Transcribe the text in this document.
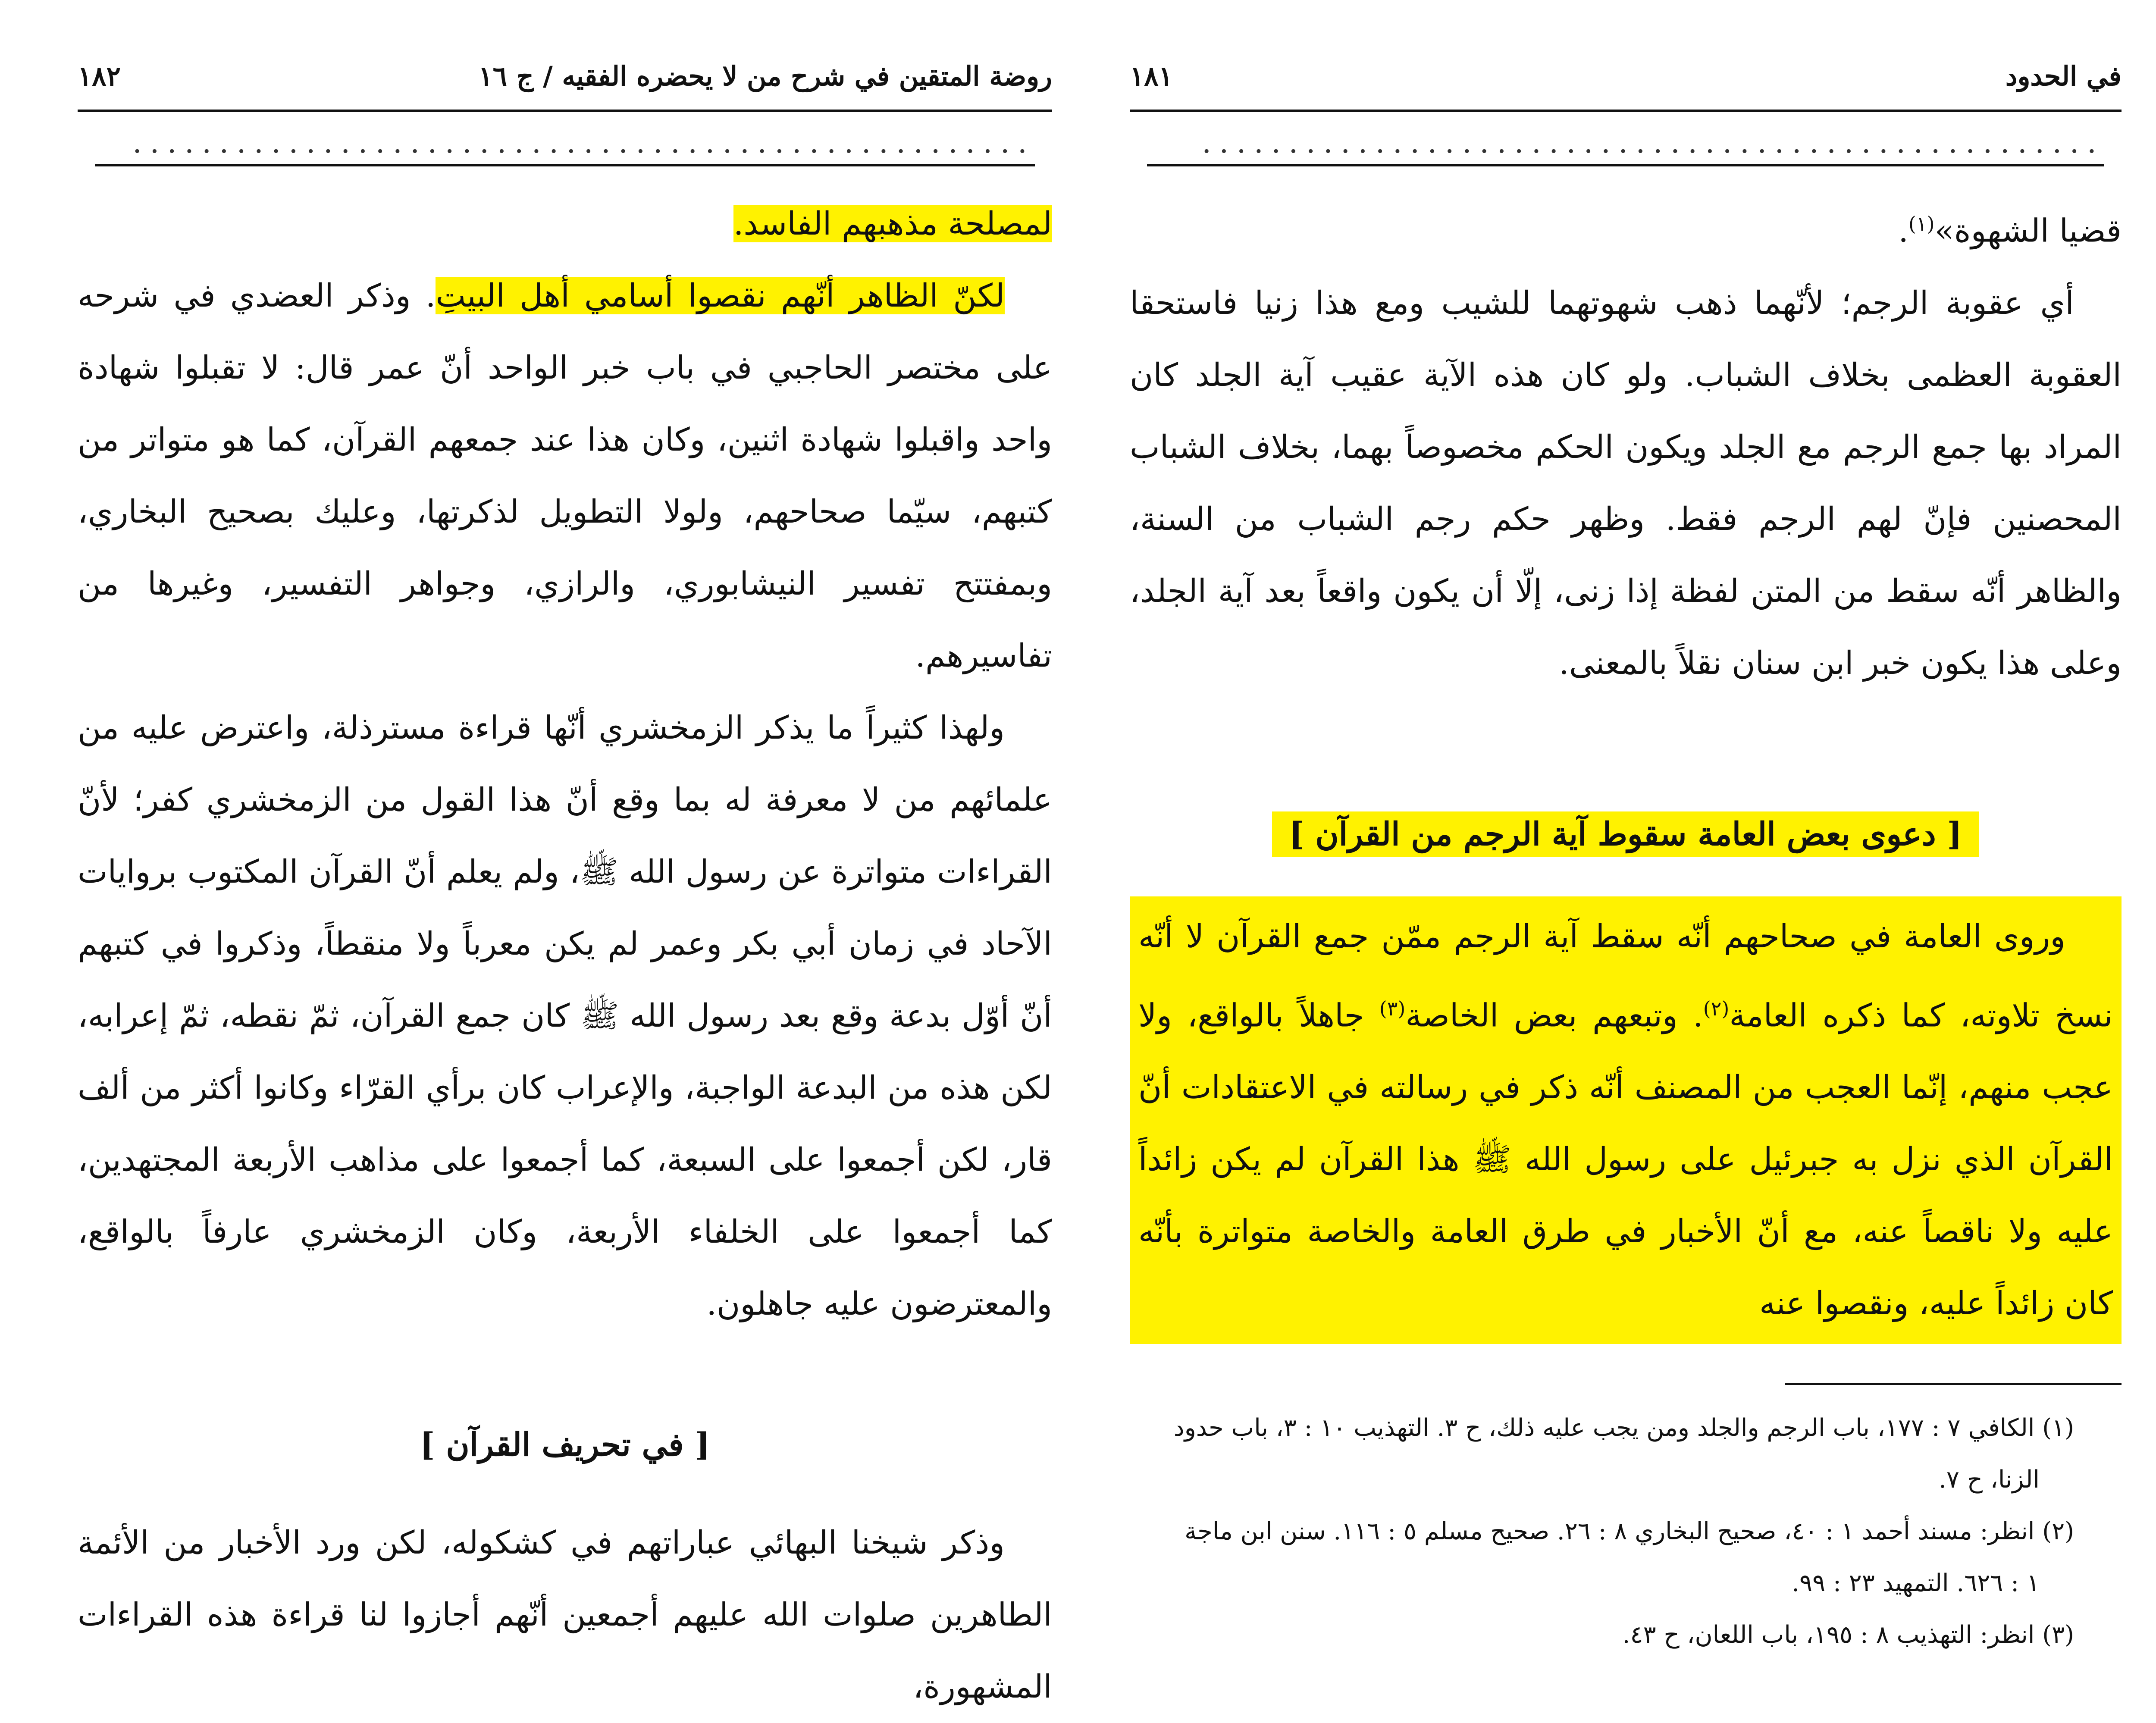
روضة المتقين في شرح من لا يحضره الفقيه / ج ١٦
١٨٢
....................................................

لمصلحة مذهبهم الفاسد.

لكنّ الظاهر أنّهم نقصوا أسامي أهل البيتِ. وذكر العضدي في شرحه على مختصر الحاجبي في باب خبر الواحد أنّ عمر قال: لا تقبلوا شهادة واحد واقبلوا شهادة اثنين، وكان هذا عند جمعهم القرآن، كما هو متواتر من كتبهم، سيّما صحاحهم، ولولا التطويل لذكرتها، وعليك بصحيح البخاري، وبمفتتح تفسير النيشابوري، والرازي، وجواهر التفسير، وغيرها من تفاسيرهم.

ولهذا كثيراً ما يذكر الزمخشري أنّها قراءة مسترذلة، واعترض عليه من علمائهم من لا معرفة له بما وقع أنّ هذا القول من الزمخشري كفر؛ لأنّ القراءات متواترة عن رسول الله ﷺ، ولم يعلم أنّ القرآن المكتوب بروايات الآحاد في زمان أبي بكر وعمر لم يكن معرباً ولا منقطاً، وذكروا في كتبهم أنّ أوّل بدعة وقع بعد رسول الله ﷺ كان جمع القرآن، ثمّ نقطه، ثمّ إعرابه، لكن هذه من البدعة الواجبة، والإعراب كان برأي القرّاء وكانوا أكثر من ألف قار، لكن أجمعوا على السبعة، كما أجمعوا على مذاهب الأربعة المجتهدين، كما أجمعوا على الخلفاء الأربعة، وكان الزمخشري عارفاً بالواقع، والمعترضون عليه جاهلون.

[ في تحريف القرآن ]

وذكر شيخنا البهائي عباراتهم في كشكوله، لكن ورد الأخبار من الأئمة الطاهرين صلوات الله عليهم أجمعين أنّهم أجازوا لنا قراءة هذه القراءات المشهورة،

في الحدود
١٨١
....................................................

قضيا الشهوة»$^{(١)}$.

أي عقوبة الرجم؛ لأنّهما ذهب شهوتهما للشيب ومع هذا زنيا فاستحقا العقوبة العظمى بخلاف الشباب. ولو كان هذه الآية عقيب آية الجلد كان المراد بها جمع الرجم مع الجلد ويكون الحكم مخصوصاً بهما، بخلاف الشباب المحصنين فإنّ لهم الرجم فقط. وظهر حكم رجم الشباب من السنة، والظاهر أنّه سقط من المتن لفظة إذا زنى، إلّا أن يكون واقعاً بعد آية الجلد، وعلى هذا يكون خبر ابن سنان نقلاً بالمعنى.

[ دعوى بعض العامة سقوط آية الرجم من القرآن ]

وروى العامة في صحاحهم أنّه سقط آية الرجم ممّن جمع القرآن لا أنّه نسخ تلاوته، كما ذكره العامة$^{(٢)}$. وتبعهم بعض الخاصة$^{(٣)}$ جاهلاً بالواقع، ولا عجب منهم، إنّما العجب من المصنف أنّه ذكر في رسالته في الاعتقادات أنّ القرآن الذي نزل به جبرئيل على رسول الله ﷺ هذا القرآن لم يكن زائداً عليه ولا ناقصاً عنه، مع أنّ الأخبار في طرق العامة والخاصة متواترة بأنّه كان زائداً عليه، ونقصوا عنه

(١) الكافي ٧ : ١٧٧، باب الرجم والجلد ومن يجب عليه ذلك، ح ٣. التهذيب ١٠ : ٣، باب حدود

الزنا، ح ٧.

(٢) انظر: مسند أحمد ١ : ٤٠، صحيح البخاري ٨ : ٢٦. صحيح مسلم ٥ : ١١٦. سنن ابن ماجة

١ : ٦٢٦. التمهيد ٢٣ : ٩٩.

(٣) انظر: التهذيب ٨ : ١٩٥، باب اللعان، ح ٤٣.
